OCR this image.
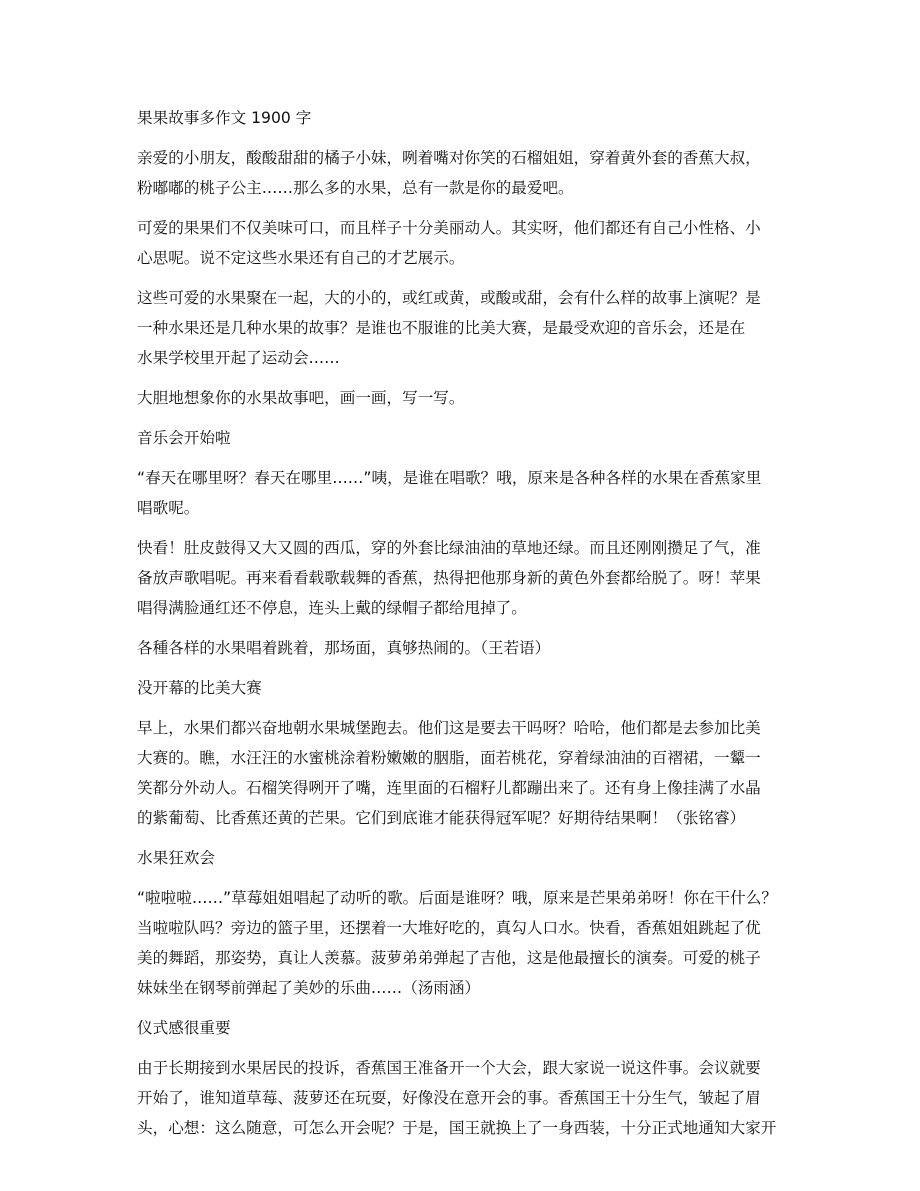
果果故事多作文 1900 字
亲爱的小朋友，酸酸甜甜的橘子小妹，咧着嘴对你笑的石榴姐姐，穿着黄外套的香蕉大叔，
粉嘟嘟的桃子公主……那么多的水果，总有一款是你的最爱吧。
可爱的果果们不仅美味可口，而且样子十分美丽动人。其实呀，他们都还有自己小性格、小
心思呢。说不定这些水果还有自己的才艺展示。
这些可爱的水果聚在一起，大的小的，或红或黄，或酸或甜，会有什么样的故事上演呢？是
一种水果还是几种水果的故事？是谁也不服谁的比美大赛，是最受欢迎的音乐会，还是在
水果学校里开起了运动会……
大胆地想象你的水果故事吧，画一画，写一写。
音乐会开始啦
“春天在哪里呀？春天在哪里……”咦，是谁在唱歌？哦，原来是各种各样的水果在香蕉家里
唱歌呢。
快看！肚皮鼓得又大又圆的西瓜，穿的外套比绿油油的草地还绿。而且还刚刚攒足了气，准
备放声歌唱呢。再来看看载歌载舞的香蕉，热得把他那身新的黄色外套都给脱了。呀！苹果
唱得满脸通红还不停息，连头上戴的绿帽子都给甩掉了。
各種各样的水果唱着跳着，那场面，真够热闹的。（王若语）
没开幕的比美大赛
早上，水果们都兴奋地朝水果城堡跑去。他们这是要去干吗呀？哈哈，他们都是去参加比美
大赛的。瞧，水汪汪的水蜜桃涂着粉嫩嫩的胭脂，面若桃花，穿着绿油油的百褶裙，一颦一
笑都分外动人。石榴笑得咧开了嘴，连里面的石榴籽儿都蹦出来了。还有身上像挂满了水晶
的紫葡萄、比香蕉还黄的芒果。它们到底谁才能获得冠军呢？好期待结果啊！（张铭睿）
水果狂欢会
“啦啦啦……”草莓姐姐唱起了动听的歌。后面是谁呀？哦，原来是芒果弟弟呀！你在干什么？
当啦啦队吗？旁边的篮子里，还摆着一大堆好吃的，真勾人口水。快看，香蕉姐姐跳起了优
美的舞蹈，那姿势，真让人羡慕。菠萝弟弟弹起了吉他，这是他最擅长的演奏。可爱的桃子
妹妹坐在钢琴前弹起了美妙的乐曲……（汤雨涵）
仪式感很重要
由于长期接到水果居民的投诉，香蕉国王准备开一个大会，跟大家说一说这件事。会议就要
开始了，谁知道草莓、菠萝还在玩耍，好像没在意开会的事。香蕉国王十分生气，皱起了眉
头，心想：这么随意，可怎么开会呢？于是，国王就换上了一身西装，十分正式地通知大家开
